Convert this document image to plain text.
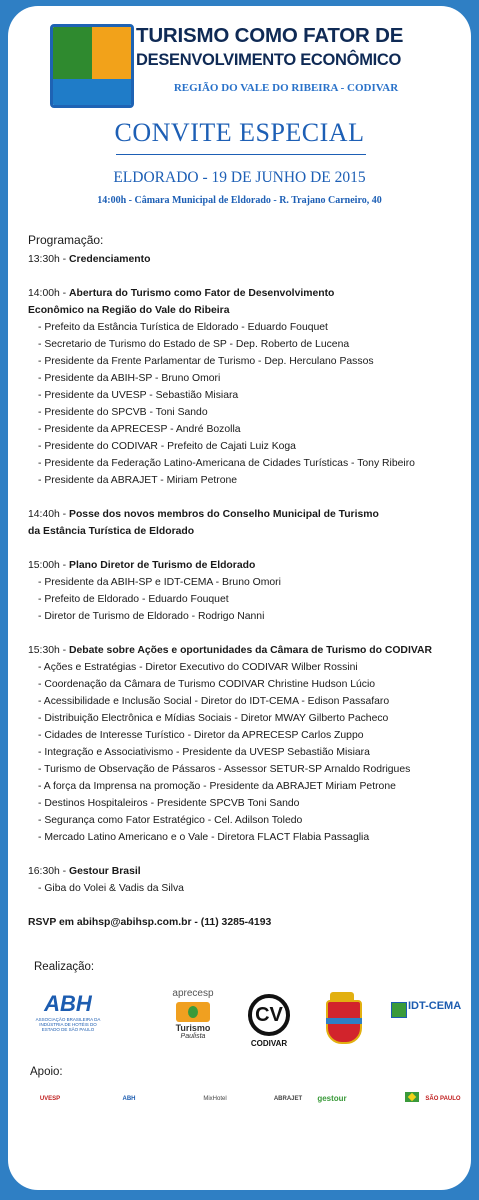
TURISMO COMO FATOR DE
DESENVOLVIMENTO ECONÔMICO
REGIÃO DO VALE DO RIBEIRA - CODIVAR
CONVITE ESPECIAL
ELDORADO - 19 DE JUNHO DE 2015
14:00h - Câmara Municipal de Eldorado - R. Trajano Carneiro, 40
Programação:
13:30h - Credenciamento
14:00h - Abertura do Turismo como Fator de Desenvolvimento
Econômico na Região do Vale do Ribeira
- Prefeito da Estância Turística de Eldorado - Eduardo Fouquet
- Secretario de Turismo do Estado de SP - Dep. Roberto de Lucena
- Presidente da Frente Parlamentar de Turismo - Dep. Herculano Passos
- Presidente da ABIH-SP - Bruno Omori
- Presidente da UVESP - Sebastião Misiara
- Presidente do SPCVB - Toni Sando
- Presidente da APRECESP - André Bozolla
- Presidente do CODIVAR - Prefeito de Cajati Luiz Koga
- Presidente da Federação Latino-Americana de Cidades Turísticas - Tony Ribeiro
- Presidente da ABRAJET - Miriam Petrone
14:40h - Posse dos novos membros do Conselho Municipal de Turismo
da Estância Turística de Eldorado
15:00h - Plano Diretor de Turismo de Eldorado
- Presidente da ABIH-SP e IDT-CEMA - Bruno Omori
- Prefeito de Eldorado - Eduardo Fouquet
- Diretor de Turismo de Eldorado - Rodrigo Nanni
15:30h - Debate sobre Ações e oportunidades da Câmara de Turismo do CODIVAR
- Ações e Estratégias - Diretor Executivo do CODIVAR Wilber Rossini
- Coordenação da Câmara de Turismo CODIVAR Christine Hudson Lúcio
- Acessibilidade e Inclusão Social - Diretor do IDT-CEMA - Edison Passafaro
- Distribuição Electrônica e Mídias Sociais - Diretor MWAY Gilberto Pacheco
- Cidades de Interesse Turístico - Diretor da APRECESP Carlos Zuppo
- Integração e Associativismo - Presidente da UVESP Sebastião Misiara
- Turismo de Observação de Pássaros - Assessor SETUR-SP Arnaldo Rodrigues
- A força da Imprensa na promoção - Presidente da ABRAJET Miriam Petrone
- Destinos Hospitaleiros - Presidente SPCVB Toni Sando
- Segurança como Fator Estratégico - Cel. Adilson Toledo
- Mercado Latino Americano e o Vale - Diretora FLACT Flabia Passaglia
16:30h - Gestour Brasil
- Giba do Volei & Vadis da Silva
RSVP em abihsp@abihsp.com.br - (11) 3285-4193
Realização:
ABH
ASSOCIAÇÃO BRASILEIRA DA INDÚSTRIA DE HOTÉIS DO ESTADO DE SÃO PAULO
aprecesp
Turismo
Paulista
CV
CODIVAR
IDT-CEMA
Apoio:
UVESP	ABH	MixHotel	ABRAJET	gestour	SÃO PAULO
